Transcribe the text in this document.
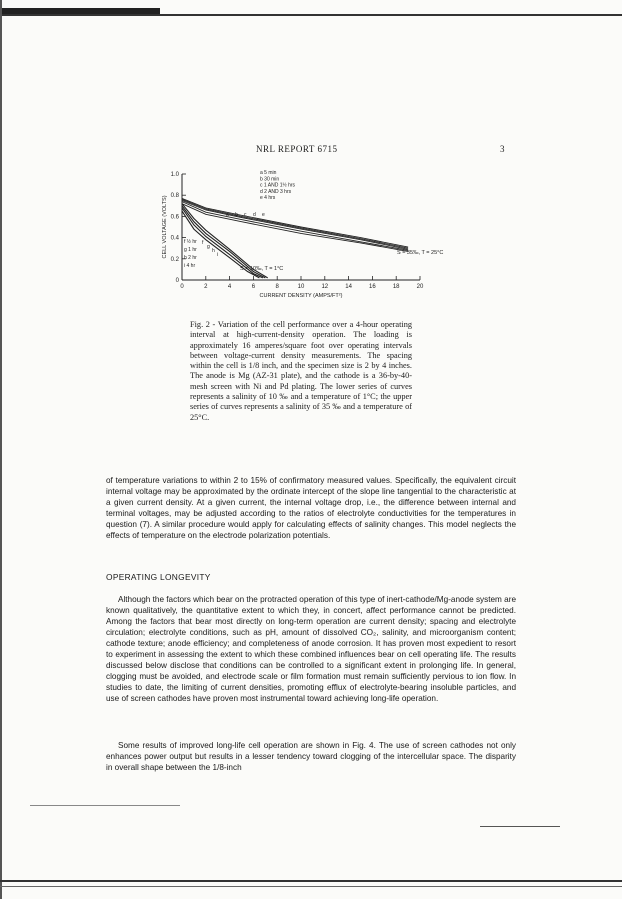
NRL REPORT 6715	3
0	2	4	6	8	10	12	14	16	18	20
0
0.2
0.4
0.6
0.8
1.0
CURRENT DENSITY (AMPS/FT²)
CELL VOLTAGE (VOLTS)
a 5 min
b 30 min
c 1 AND 1½ hrs
d 2 AND 3 hrs
e 4 hrs
f ½ hr
g 1 hr
h 2 hr
i 4 hr
a b c d e
f
g
h
i
S = 10‰, T = 1°C
S = 35‰, T = 25°C
Fig. 2 - Variation of the cell performance over a 4-hour operating interval at high-current-density operation. The loading is approximately 16 amperes/square foot over operating intervals between voltage-current density measurements. The spacing within the cell is 1/8 inch, and the specimen size is 2 by 4 inches. The anode is Mg (AZ-31 plate), and the cathode is a 36-by-40-mesh screen with Ni and Pd plating. The lower series of curves represents a salinity of 10 ‰ and a temperature of 1°C; the upper series of curves represents a salinity of 35 ‰ and a temperature of 25°C.

of temperature variations to within 2 to 15% of confirmatory measured values. Specifically, the equivalent circuit internal voltage may be approximated by the ordinate intercept of the slope line tangential to the characteristic at a given current density. At a given current, the internal voltage drop, i.e., the difference between internal and terminal voltages, may be adjusted according to the ratios of electrolyte conductivities for the temperatures in question (7). A similar procedure would apply for calculating effects of salinity changes. This model neglects the effects of temperature on the electrode polarization potentials.

OPERATING LONGEVITY

Although the factors which bear on the protracted operation of this type of inert-cathode/Mg-anode system are known qualitatively, the quantitative extent to which they, in concert, affect performance cannot be predicted. Among the factors that bear most directly on long-term operation are current density; spacing and electrolyte circulation; electrolyte conditions, such as pH, amount of dissolved CO₂, salinity, and microorganism content; cathode texture; anode efficiency; and completeness of anode corrosion. It has proven most expedient to resort to experiment in assessing the extent to which these combined influences bear on cell operating life. The results discussed below disclose that conditions can be controlled to a significant extent in prolonging life. In general, clogging must be avoided, and electrode scale or film formation must remain sufficiently pervious to ion flow. In studies to date, the limiting of current densities, promoting efflux of electrolyte-bearing insoluble particles, and use of screen cathodes have proven most instrumental toward achieving long-life operation.

Some results of improved long-life cell operation are shown in Fig. 4. The use of screen cathodes not only enhances power output but results in a lesser tendency toward clogging of the intercellular space. The disparity in overall shape between the 1/8-inch
